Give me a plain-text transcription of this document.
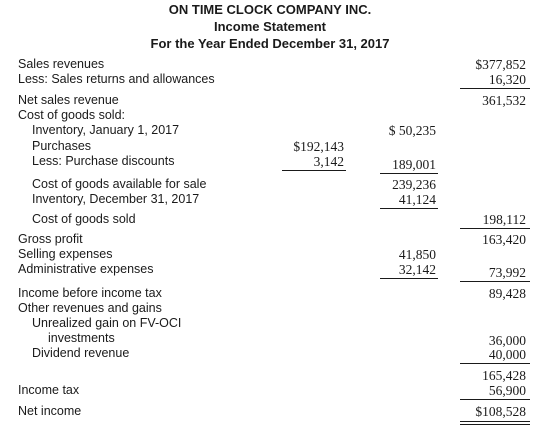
ON TIME CLOCK COMPANY INC.
Income Statement
For the Year Ended December 31, 2017
Sales revenues	$377,852
Less: Sales returns and allowances	16,320
Net sales revenue	361,532
Cost of goods sold:
Inventory, January 1, 2017	$ 50,235
Purchases	$192,143
Less: Purchase discounts	3,142	189,001
Cost of goods available for sale	239,236
Inventory, December 31, 2017	41,124
Cost of goods sold	198,112
Gross profit	163,420
Selling expenses	41,850
Administrative expenses	32,142	73,992
Income before income tax	89,428
Other revenues and gains
Unrealized gain on FV-OCI
investments	36,000
Dividend revenue	40,000
165,428
Income tax	56,900
Net income	$108,528
